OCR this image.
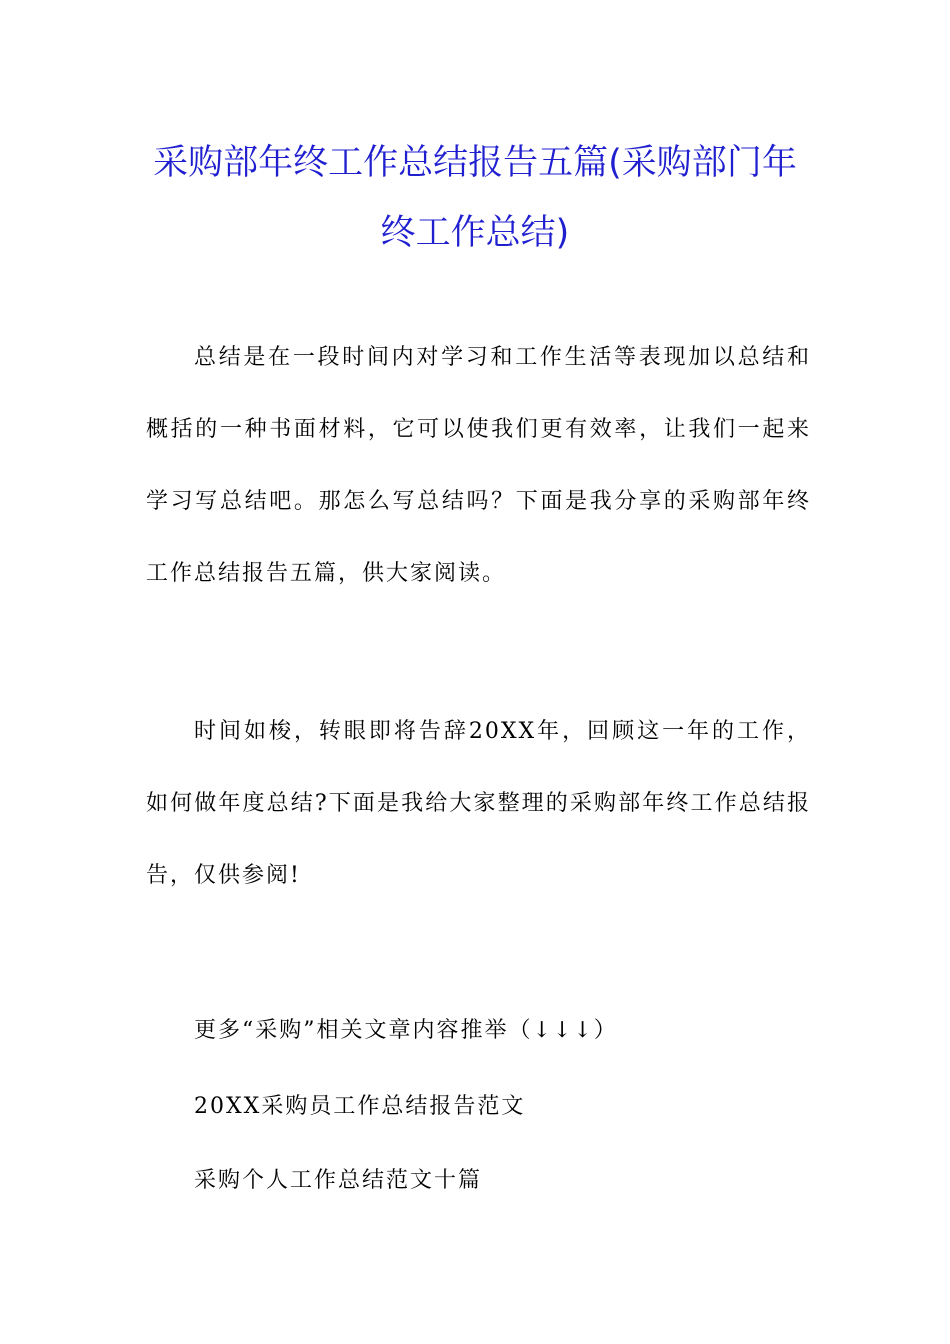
采购部年终工作总结报告五篇(采购部门年终工作总结)

总结是在一段时间内对学习和工作生活等表现加以总结和概括的一种书面材料，它可以使我们更有效率，让我们一起来学习写总结吧。那怎么写总结吗？下面是我分享的采购部年终工作总结报告五篇，供大家阅读。

时间如梭，转眼即将告辞20XX年，回顾这一年的工作，如何做年度总结?下面是我给大家整理的采购部年终工作总结报告，仅供参阅!

更多“采购”相关文章内容推举（↓↓↓）

20XX采购员工作总结报告范文

采购个人工作总结范文十篇
